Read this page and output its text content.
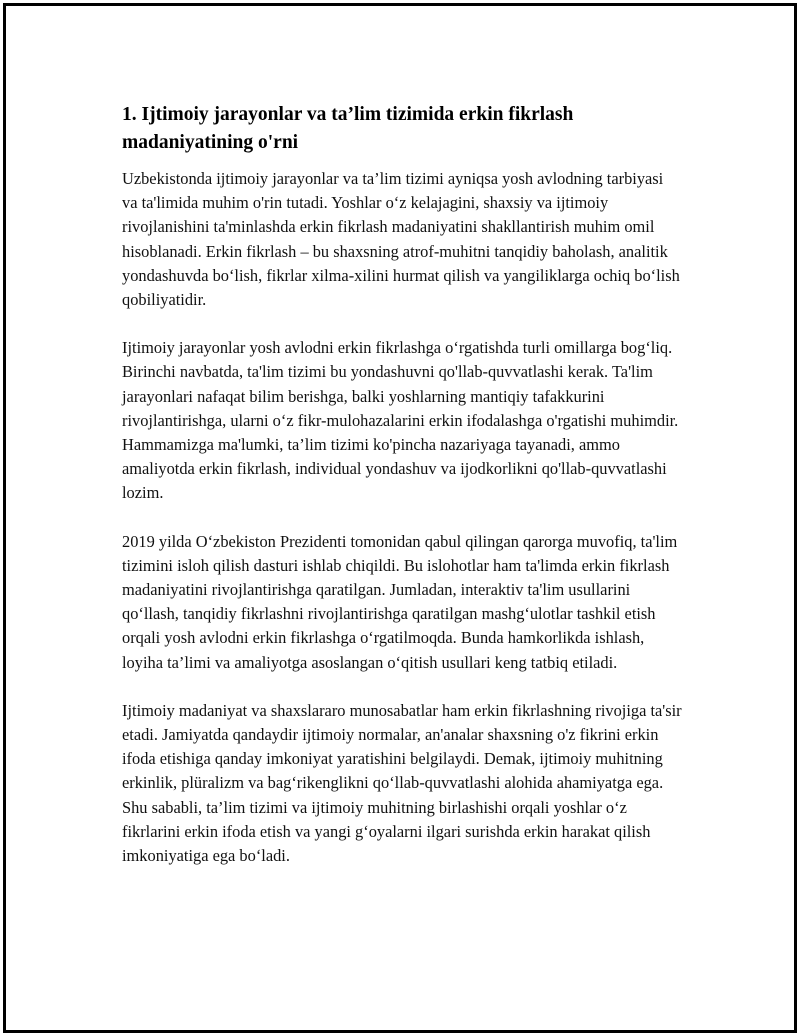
1. Ijtimoiy jarayonlar va ta’lim tizimida erkin fikrlash madaniyatining o'rni

Uzbekistonda ijtimoiy jarayonlar va ta’lim tizimi ayniqsa yosh avlodning tarbiyasi va ta'limida muhim o'rin tutadi. Yoshlar o‘z kelajagini, shaxsiy va ijtimoiy rivojlanishini ta'minlashda erkin fikrlash madaniyatini shakllantirish muhim omil hisoblanadi. Erkin fikrlash – bu shaxsning atrof-muhitni tanqidiy baholash, analitik yondashuvda bo‘lish, fikrlar xilma-xilini hurmat qilish va yangiliklarga ochiq bo‘lish qobiliyatidir.

Ijtimoiy jarayonlar yosh avlodni erkin fikrlashga o‘rgatishda turli omillarga bog‘liq. Birinchi navbatda, ta'lim tizimi bu yondashuvni qo'llab-quvvatlashi kerak. Ta'lim jarayonlari nafaqat bilim berishga, balki yoshlarning mantiqiy tafakkurini rivojlantirishga, ularni o‘z fikr-mulohazalarini erkin ifodalashga o'rgatishi muhimdir. Hammamizga ma'lumki, ta’lim tizimi ko'pincha nazariyaga tayanadi, ammo amaliyotda erkin fikrlash, individual yondashuv va ijodkorlikni qo'llab-quvvatlashi lozim.

2019 yilda O‘zbekiston Prezidenti tomonidan qabul qilingan qarorga muvofiq, ta'lim tizimini isloh qilish dasturi ishlab chiqildi. Bu islohotlar ham ta'limda erkin fikrlash madaniyatini rivojlantirishga qaratilgan. Jumladan, interaktiv ta'lim usullarini qo‘llash, tanqidiy fikrlashni rivojlantirishga qaratilgan mashg‘ulotlar tashkil etish orqali yosh avlodni erkin fikrlashga o‘rgatilmoqda. Bunda hamkorlikda ishlash, loyiha ta’limi va amaliyotga asoslangan o‘qitish usullari keng tatbiq etiladi.

Ijtimoiy madaniyat va shaxslararo munosabatlar ham erkin fikrlashning rivojiga ta'sir etadi. Jamiyatda qandaydir ijtimoiy normalar, an'analar shaxsning o'z fikrini erkin ifoda etishiga qanday imkoniyat yaratishini belgilaydi. Demak, ijtimoiy muhitning erkinlik, plüralizm va bag‘rikenglikni qo‘llab-quvvatlashi alohida ahamiyatga ega. Shu sababli, ta’lim tizimi va ijtimoiy muhitning birlashishi orqali yoshlar o‘z fikrlarini erkin ifoda etish va yangi g‘oyalarni ilgari surishda erkin harakat qilish imkoniyatiga ega bo‘ladi.
